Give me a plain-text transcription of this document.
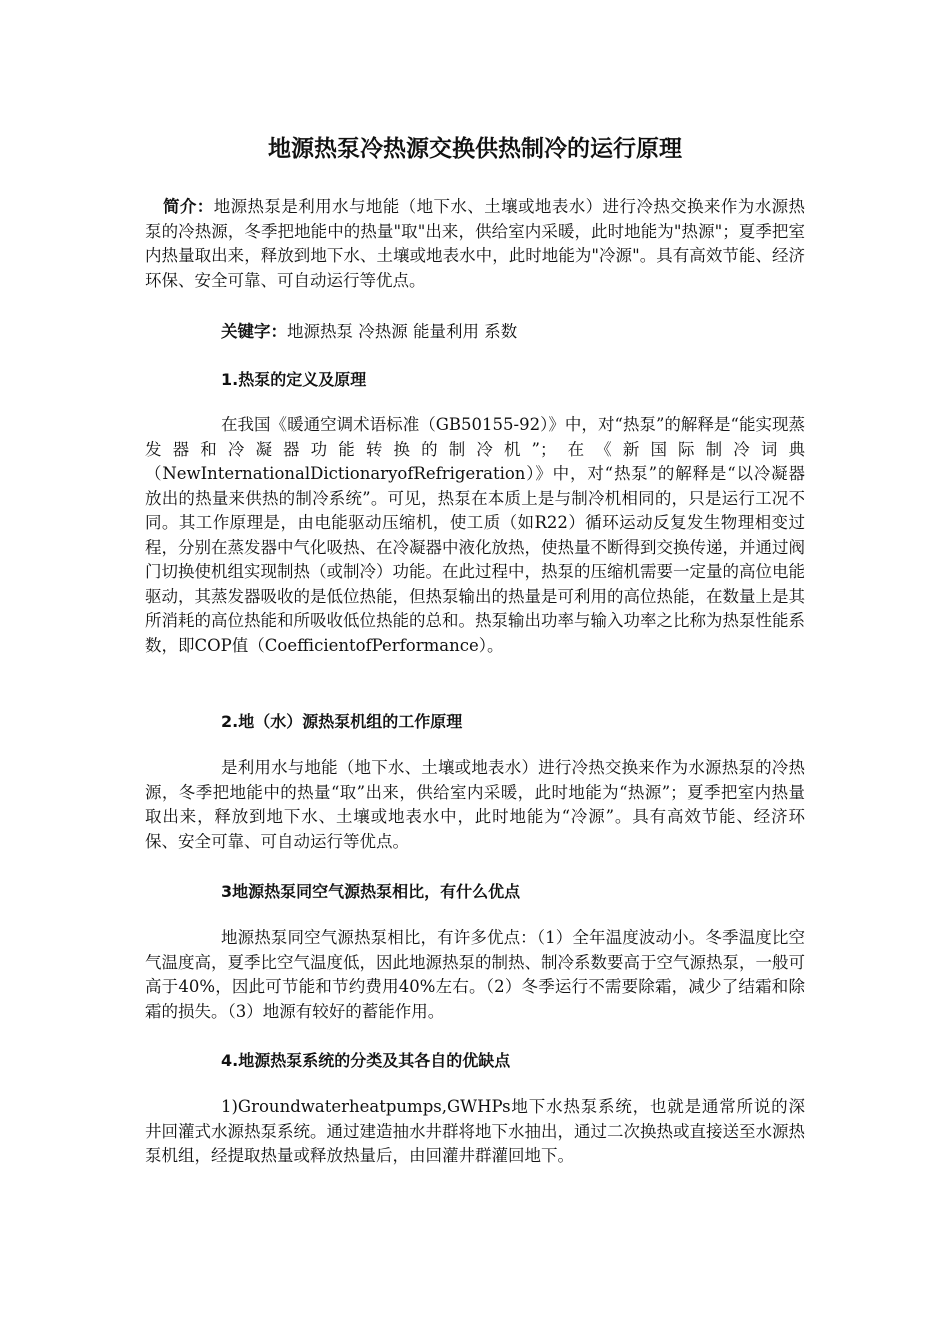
地源热泵冷热源交换供热制冷的运行原理

简介：地源热泵是利用水与地能（地下水、土壤或地表水）进行冷热交换来作为水源热泵的冷热源，冬季把地能中的热量"取"出来，供给室内采暖，此时地能为"热源"；夏季把室内热量取出来，释放到地下水、土壤或地表水中，此时地能为"冷源"。具有高效节能、经济环保、安全可靠、可自动运行等优点。

关键字：地源热泵 冷热源 能量利用 系数

1.热泵的定义及原理

在我国《暖通空调术语标准（GB50155-92）》中，对“热泵”的解释是“能实现蒸发器和冷凝器功能转换的制冷机”；在《新国际制冷词典（NewInternationalDictionaryofRefrigeration）》中，对“热泵”的解释是“以冷凝器放出的热量来供热的制冷系统”。可见，热泵在本质上是与制冷机相同的，只是运行工况不同。其工作原理是，由电能驱动压缩机，使工质（如R22）循环运动反复发生物理相变过程，分别在蒸发器中气化吸热、在冷凝器中液化放热，使热量不断得到交换传递，并通过阀门切换使机组实现制热（或制冷）功能。在此过程中，热泵的压缩机需要一定量的高位电能驱动，其蒸发器吸收的是低位热能，但热泵输出的热量是可利用的高位热能，在数量上是其所消耗的高位热能和所吸收低位热能的总和。热泵输出功率与输入功率之比称为热泵性能系数，即COP值（CoefficientofPerformance）。

2.地（水）源热泵机组的工作原理

是利用水与地能（地下水、土壤或地表水）进行冷热交换来作为水源热泵的冷热源，冬季把地能中的热量“取”出来，供给室内采暖，此时地能为“热源”；夏季把室内热量取出来，释放到地下水、土壤或地表水中，此时地能为“冷源”。具有高效节能、经济环保、安全可靠、可自动运行等优点。

3地源热泵同空气源热泵相比，有什么优点

地源热泵同空气源热泵相比，有许多优点：（1）全年温度波动小。冬季温度比空气温度高，夏季比空气温度低，因此地源热泵的制热、制冷系数要高于空气源热泵，一般可高于40%，因此可节能和节约费用40%左右。（2）冬季运行不需要除霜，减少了结霜和除霜的损失。（3）地源有较好的蓄能作用。

4.地源热泵系统的分类及其各自的优缺点

1)Groundwaterheatpumps,GWHPs地下水热泵系统，也就是通常所说的深井回灌式水源热泵系统。通过建造抽水井群将地下水抽出，通过二次换热或直接送至水源热泵机组，经提取热量或释放热量后，由回灌井群灌回地下。
